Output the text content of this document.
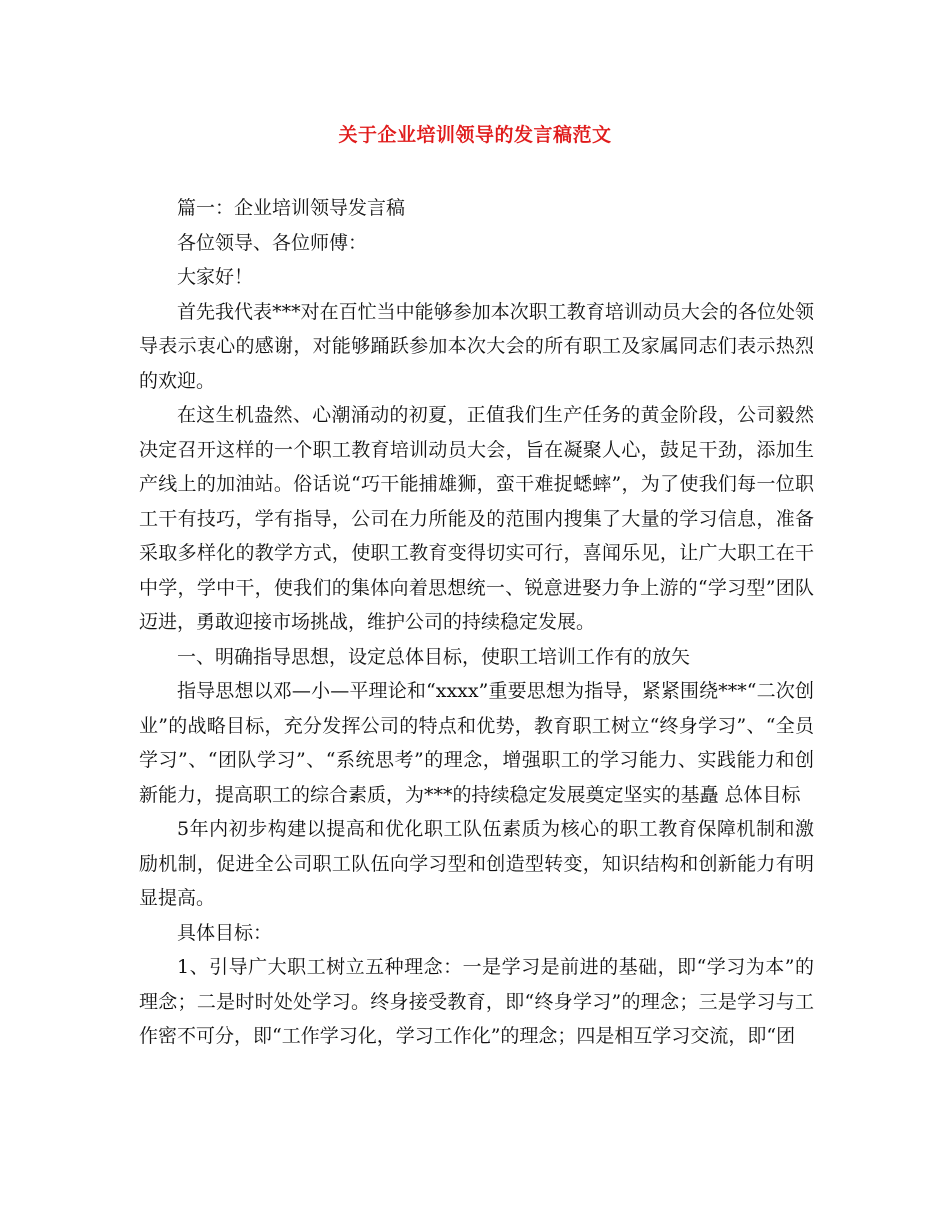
关于企业培训领导的发言稿范文

篇一：企业培训领导发言稿

各位领导、各位师傅：

大家好！

首先我代表***对在百忙当中能够参加本次职工教育培训动员大会的各位处领导表示衷心的感谢，对能够踊跃参加本次大会的所有职工及家属同志们表示热烈的欢迎。

在这生机盎然、心潮涌动的初夏，正值我们生产任务的黄金阶段，公司毅然决定召开这样的一个职工教育培训动员大会，旨在凝聚人心，鼓足干劲，添加生产线上的加油站。俗话说“巧干能捕雄狮，蛮干难捉蟋蟀”，为了使我们每一位职工干有技巧，学有指导，公司在力所能及的范围内搜集了大量的学习信息，准备采取多样化的教学方式，使职工教育变得切实可行，喜闻乐见，让广大职工在干中学，学中干，使我们的集体向着思想统一、锐意进娶力争上游的“学习型”团队迈进，勇敢迎接市场挑战，维护公司的持续稳定发展。

一、明确指导思想，设定总体目标，使职工培训工作有的放矢

指导思想以邓—小—平理论和“xxxx”重要思想为指导，紧紧围绕***“二次创业”的战略目标，充分发挥公司的特点和优势，教育职工树立“终身学习”、“全员学习”、“团队学习”、“系统思考”的理念，增强职工的学习能力、实践能力和创新能力，提高职工的综合素质，为***的持续稳定发展奠定坚实的基矗 总体目标

5年内初步构建以提高和优化职工队伍素质为核心的职工教育保障机制和激励机制，促进全公司职工队伍向学习型和创造型转变，知识结构和创新能力有明显提高。

具体目标：

1、引导广大职工树立五种理念：一是学习是前进的基础，即“学习为本”的理念；二是时时处处学习。终身接受教育，即“终身学习”的理念；三是学习与工作密不可分，即“工作学习化，学习工作化”的理念；四是相互学习交流，即“团
